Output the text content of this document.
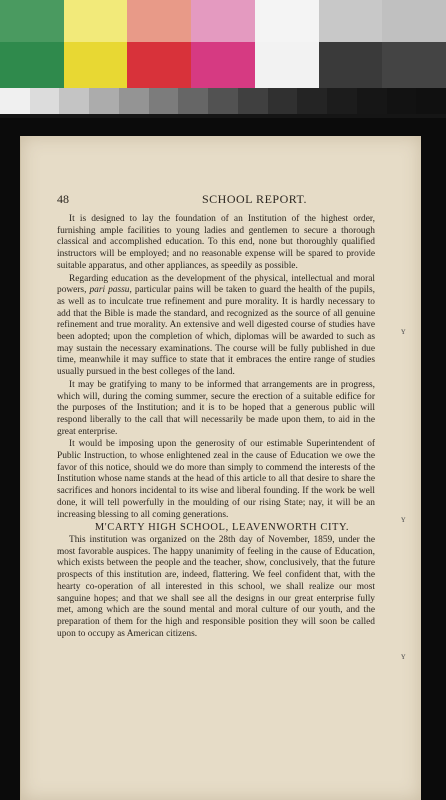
48	SCHOOL REPORT.

It is designed to lay the foundation of an Institution of the highest order, furnishing ample facilities to young ladies and gentlemen to secure a thorough classical and accomplished education. To this end, none but thoroughly qualified instructors will be employed; and no reasonable expense will be spared to provide suitable apparatus, and other appliances, as speedily as possible.

Regarding education as the development of the physical, intellectual and moral powers, pari passu, particular pains will be taken to guard the health of the pupils, as well as to inculcate true refinement and pure morality. It is hardly necessary to add that the Bible is made the standard, and recognized as the source of all genuine refinement and true morality. An extensive and well digested course of studies have been adopted; upon the completion of which, diplomas will be awarded to such as may sustain the necessary examinations. The course will be fully published in due time, meanwhile it may suffice to state that it embraces the entire range of studies usually pursued in the best colleges of the land.

It may be gratifying to many to be informed that arrangements are in progress, which will, during the coming summer, secure the erection of a suitable edifice for the purposes of the Institution; and it is to be hoped that a generous public will respond liberally to the call that will necessarily be made upon them, to aid in the great enterprise.

It would be imposing upon the generosity of our estimable Superintendent of Public Instruction, to whose enlightened zeal in the cause of Education we owe the favor of this notice, should we do more than simply to commend the interests of the Institution whose name stands at the head of this article to all that desire to share the sacrifices and honors incidental to its wise and liberal founding. If the work be well done, it will tell powerfully in the moulding of our rising State; nay, it will be an increasing blessing to all coming generations.

M'CARTY HIGH SCHOOL, LEAVENWORTH CITY.

This institution was organized on the 28th day of November, 1859, under the most favorable auspices. The happy unanimity of feeling in the cause of Education, which exists between the people and the teacher, show, conclusively, that the future prospects of this institution are, indeed, flattering. We feel confident that, with the hearty co-operation of all interested in this school, we shall realize our most sanguine hopes; and that we shall see all the designs in our great enterprise fully met, among which are the sound mental and moral culture of our youth, and the preparation of them for the high and responsible position they will soon be called upon to occupy as American citizens.

ʏ
ʏ
ʏ
